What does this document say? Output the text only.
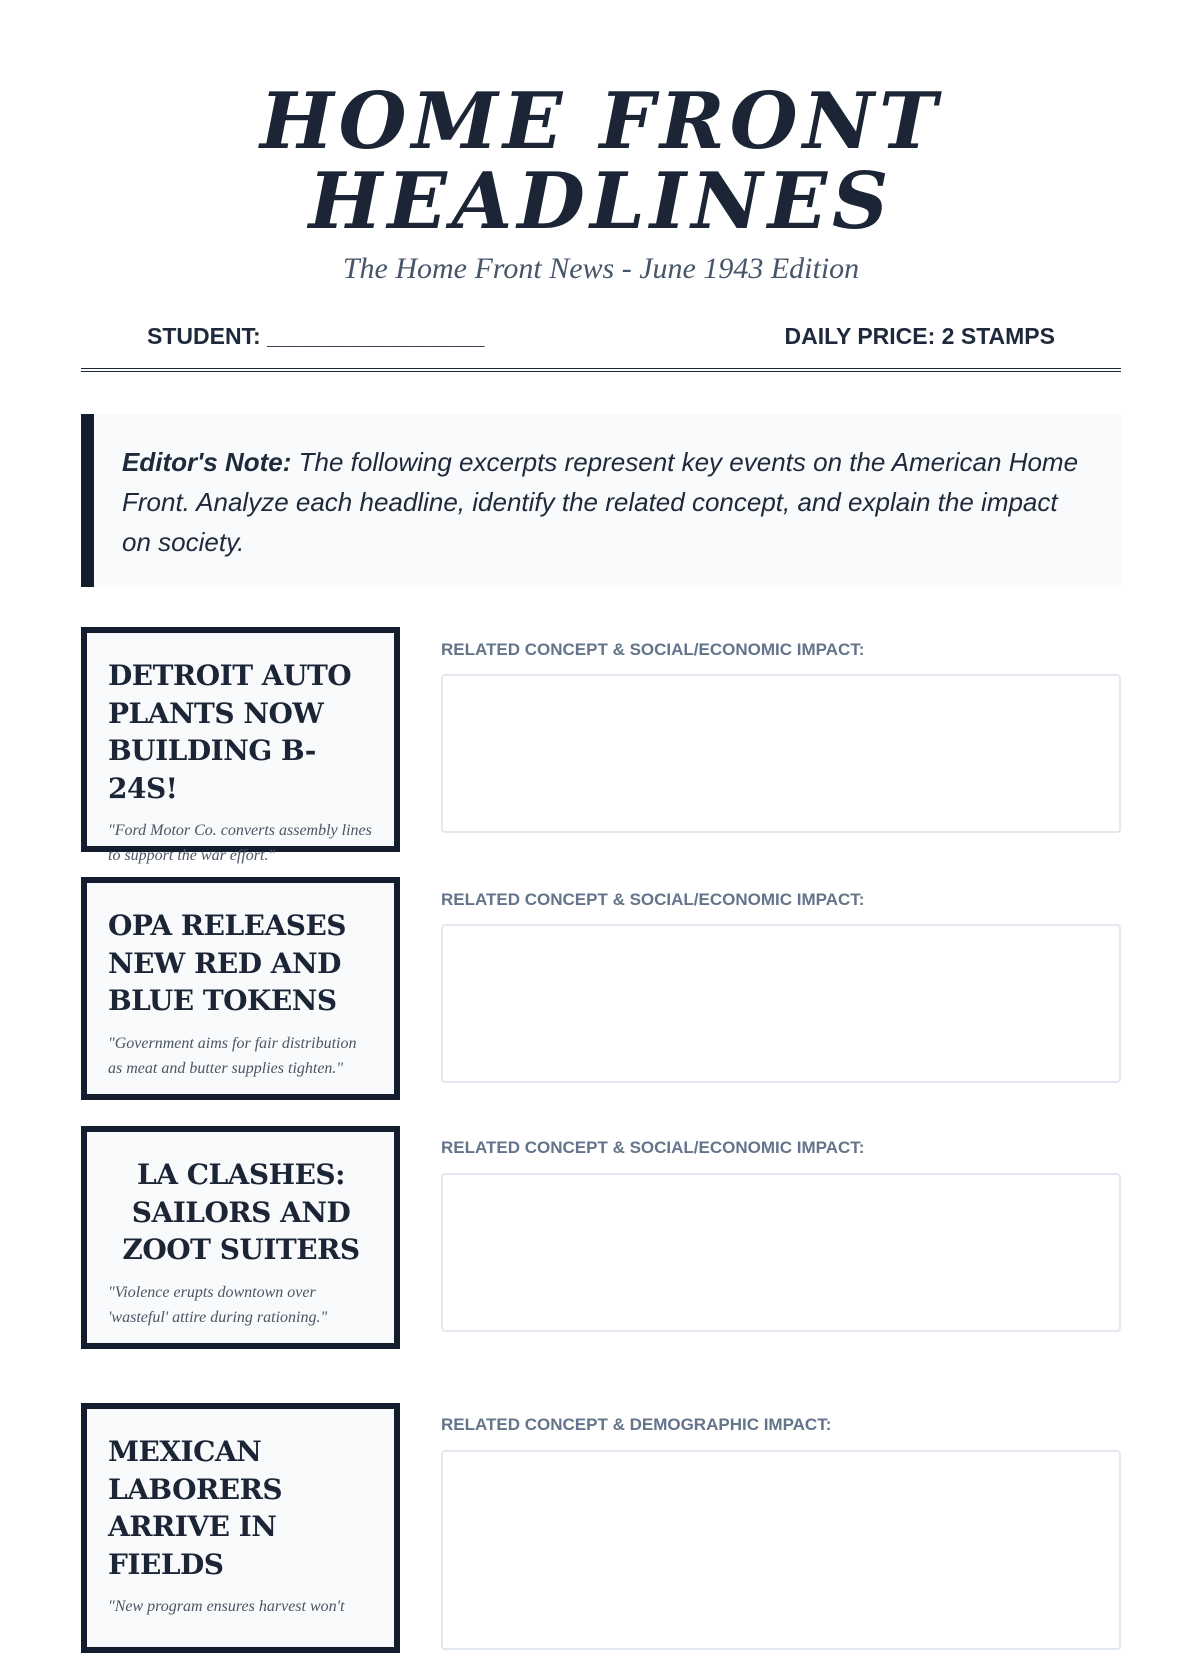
HOME FRONT
HEADLINES
The Home Front News - June 1943 Edition
STUDENT: _________________	DAILY PRICE: 2 STAMPS
Editor's Note: The following excerpts represent key events on the American Home Front. Analyze each headline, identify the related concept, and explain the impact on society.
DETROIT AUTO PLANTS NOW BUILDING B-24S!

"Ford Motor Co. converts assembly lines to support the war effort."

RELATED CONCEPT & SOCIAL/ECONOMIC IMPACT:
OPA RELEASES NEW RED AND BLUE TOKENS

"Government aims for fair distribution as meat and butter supplies tighten."

RELATED CONCEPT & SOCIAL/ECONOMIC IMPACT:
LA CLASHES: SAILORS AND ZOOT SUITERS

"Violence erupts downtown over 'wasteful' attire during rationing."

RELATED CONCEPT & SOCIAL/ECONOMIC IMPACT:
MEXICAN LABORERS ARRIVE IN FIELDS

"New program ensures harvest won't

RELATED CONCEPT & DEMOGRAPHIC IMPACT:
